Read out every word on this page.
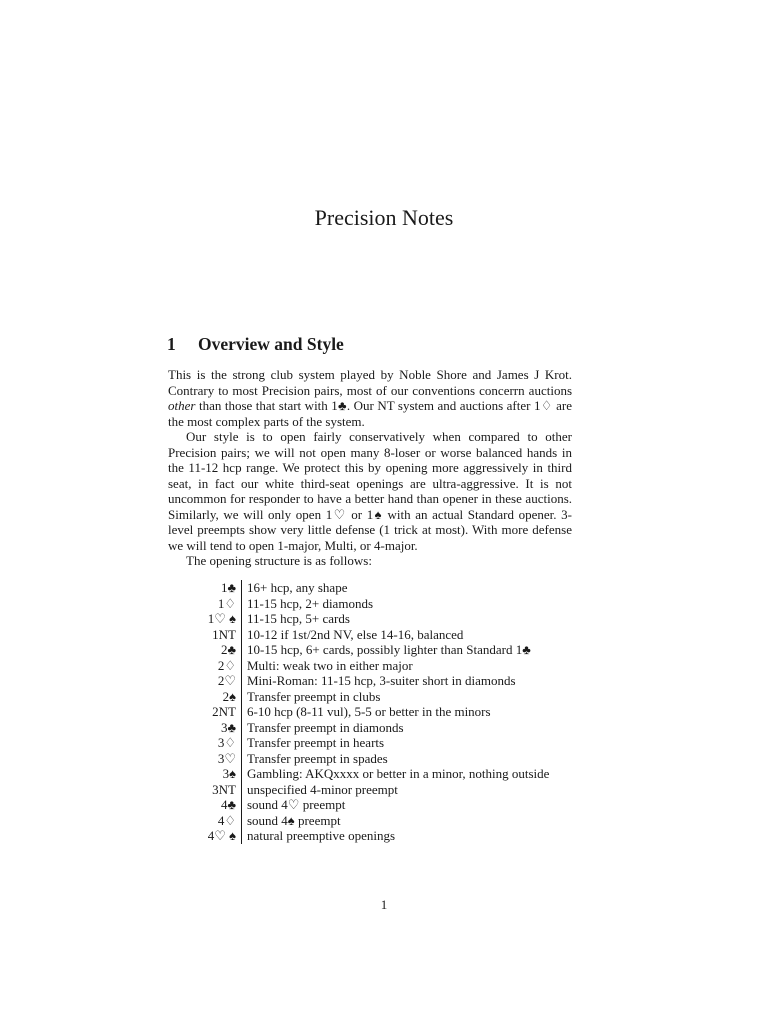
Precision Notes
1 Overview and Style

This is the strong club system played by Noble Shore and James J Krot. Contrary to most Precision pairs, most of our conventions concerrn auctions other than those that start with 1♣. Our NT system and auctions after 1♢ are the most complex parts of the system.

Our style is to open fairly conservatively when compared to other Precision pairs; we will not open many 8-loser or worse balanced hands in the 11-12 hcp range. We protect this by opening more aggressively in third seat, in fact our white third-seat openings are ultra-aggressive. It is not uncommon for responder to have a better hand than opener in these auctions. Similarly, we will only open 1♡ or 1♠ with an actual Standard opener. 3-level preempts show very little defense (1 trick at most). With more defense we will tend to open 1-major, Multi, or 4-major.

The opening structure is as follows:

1♣	16+ hcp, any shape
1♢	11-15 hcp, 2+ diamonds
1♡ ♠	11-15 hcp, 5+ cards
1NT	10-12 if 1st/2nd NV, else 14-16, balanced
2♣	10-15 hcp, 6+ cards, possibly lighter than Standard 1♣
2♢	Multi: weak two in either major
2♡	Mini-Roman: 11-15 hcp, 3-suiter short in diamonds
2♠	Transfer preempt in clubs
2NT	6-10 hcp (8-11 vul), 5-5 or better in the minors
3♣	Transfer preempt in diamonds
3♢	Transfer preempt in hearts
3♡	Transfer preempt in spades
3♠	Gambling: AKQxxxx or better in a minor, nothing outside
3NT	unspecified 4-minor preempt
4♣	sound 4♡ preempt
4♢	sound 4♠ preempt
4♡ ♠	natural preemptive openings
1
